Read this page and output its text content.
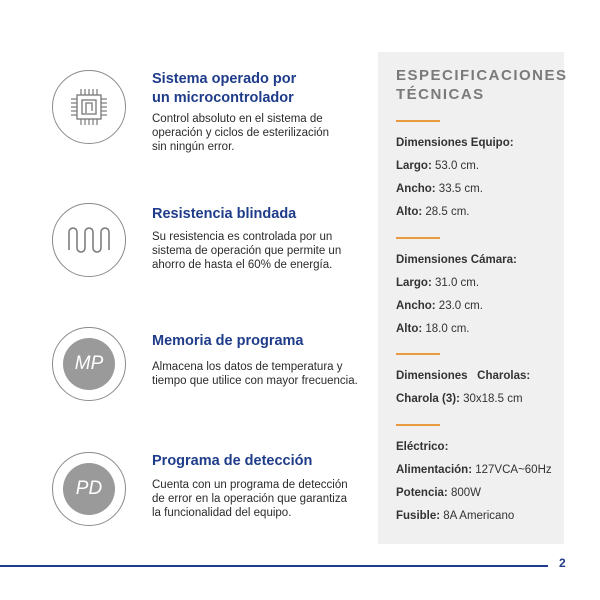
Sistema operado por
un microcontrolador
Control absoluto en el sistema de
operación y ciclos de esterilización
sin ningún error.
Resistencia blindada
Su resistencia es controlada por un
sistema de operación que permite un
ahorro de hasta el 60% de energía.
MP
Memoria de programa
Almacena los datos de temperatura y
tiempo que utilice con mayor frecuencia.
PD
Programa de detección
Cuenta con un programa de detección
de error en la operación que garantiza
la funcionalidad del equipo.
ESPECIFICACIONES
TÉCNICAS
Dimensiones Equipo:
Largo: 53.0 cm.
Ancho: 33.5 cm.
Alto: 28.5 cm.
Dimensiones Cámara:
Largo: 31.0 cm.
Ancho: 23.0 cm.
Alto: 18.0 cm.
Dimensiones   Charolas:
Charola (3): 30x18.5 cm
Eléctrico:
Alimentación: 127VCA~60Hz
Potencia: 800W
Fusible: 8A Americano
2
